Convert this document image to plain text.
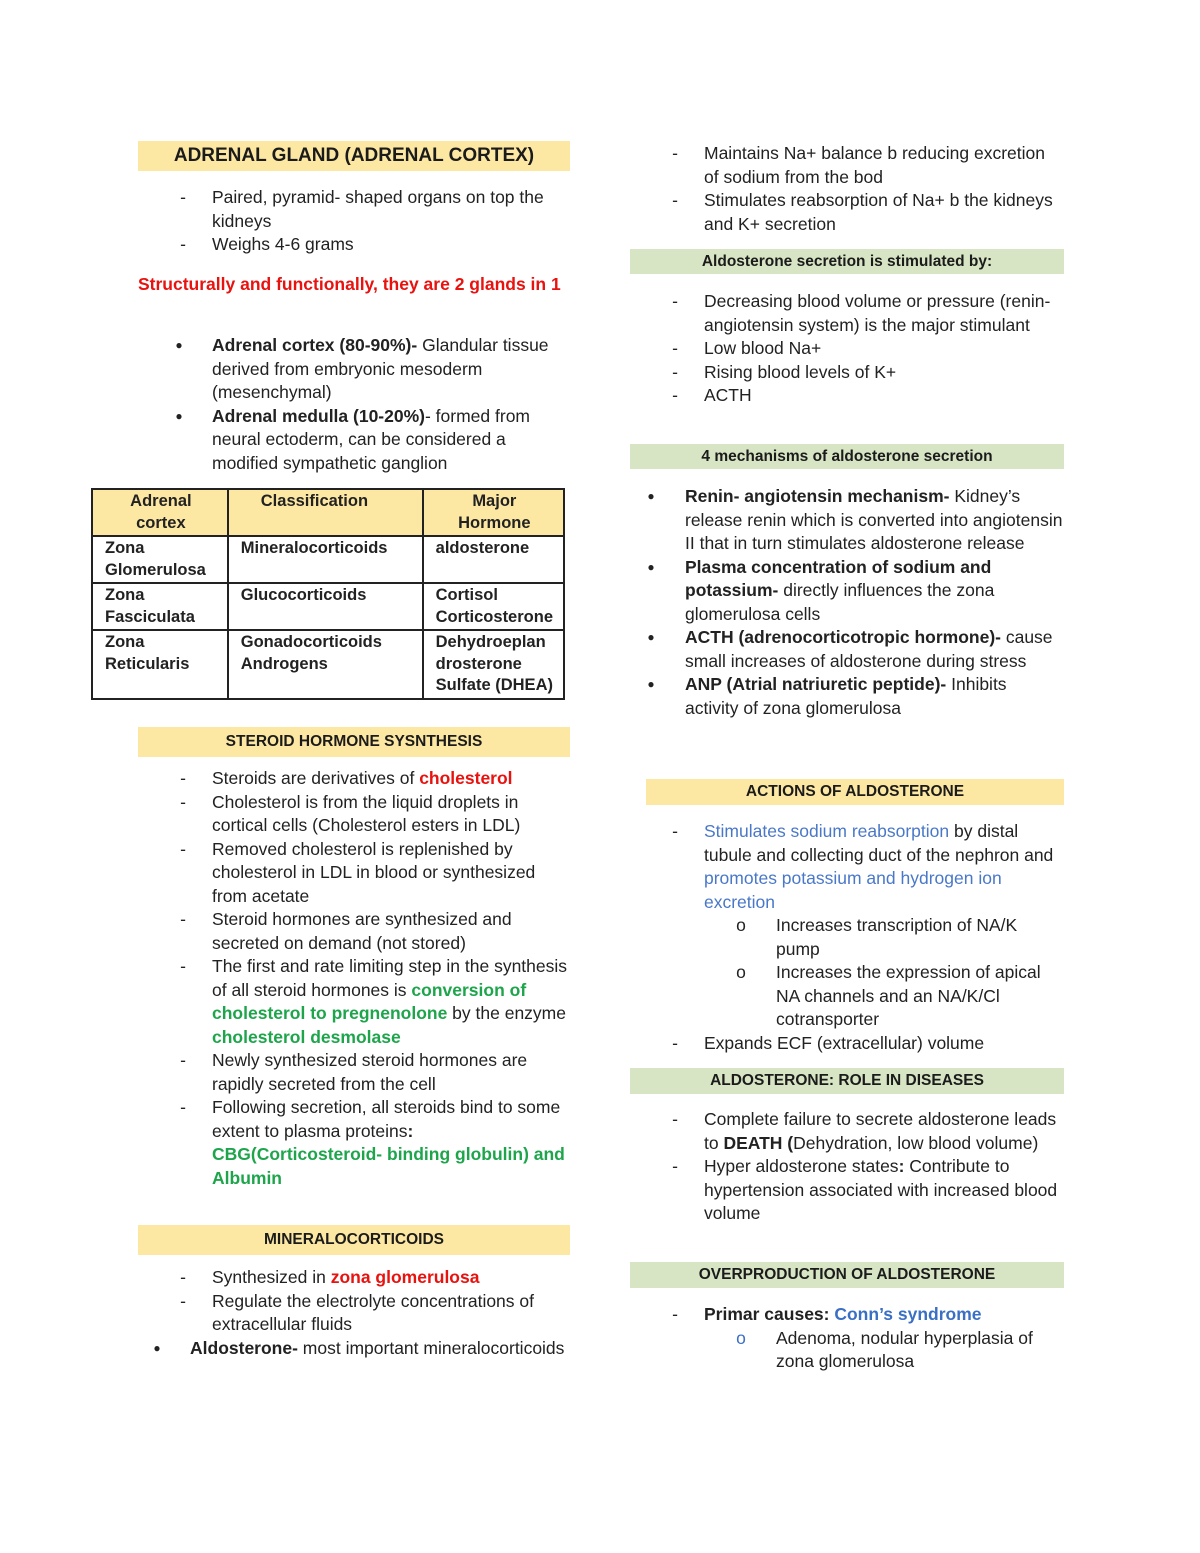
ADRENAL GLAND (ADRENAL CORTEX)
- Paired, pyramid- shaped organs on top the kidneys
- Weighs 4-6 grams
Structurally and functionally, they are 2 glands in 1
● Adrenal cortex (80-90%)- Glandular tissue derived from embryonic mesoderm (mesenchymal)
● Adrenal medulla (10-20%)- formed from neural ectoderm, can be considered a modified sympathetic ganglion
Adrenal cortex	Classification	Major Hormone
Zona Glomerulosa	Mineralocorticoids	aldosterone
Zona Fasciculata	Glucocorticoids	Cortisol Corticosterone
Zona Reticularis	Gonadocorticoids Androgens	Dehydroeplan drosterone Sulfate (DHEA)
STEROID HORMONE SYSNTHESIS
- Steroids are derivatives of cholesterol
- Cholesterol is from the liquid droplets in cortical cells (Cholesterol esters in LDL)
- Removed cholesterol is replenished by cholesterol in LDL in blood or synthesized from acetate
- Steroid hormones are synthesized and secreted on demand (not stored)
- The first and rate limiting step in the synthesis of all steroid hormones is conversion of cholesterol to pregnenolone by the enzyme cholesterol desmolase
- Newly synthesized steroid hormones are rapidly secreted from the cell
- Following secretion, all steroids bind to some extent to plasma proteins: CBG(Corticosteroid- binding globulin) and Albumin
MINERALOCORTICOIDS
- Synthesized in zona glomerulosa
- Regulate the electrolyte concentrations of extracellular fluids
● Aldosterone- most important mineralocorticoids
- Maintains Na+ balance b reducing excretion of sodium from the bod
- Stimulates reabsorption of Na+ b the kidneys and K+ secretion
Aldosterone secretion is stimulated by:
- Decreasing blood volume or pressure (renin-angiotensin system) is the major stimulant
- Low blood Na+
- Rising blood levels of K+
- ACTH
4 mechanisms of aldosterone secretion
● Renin- angiotensin mechanism- Kidney’s release renin which is converted into angiotensin II that in turn stimulates aldosterone release
● Plasma concentration of sodium and potassium- directly influences the zona glomerulosa cells
● ACTH (adrenocorticotropic hormone)- cause small increases of aldosterone during stress
● ANP (Atrial natriuretic peptide)- Inhibits activity of zona glomerulosa
ACTIONS OF ALDOSTERONE
- Stimulates sodium reabsorption by distal tubule and collecting duct of the nephron and promotes potassium and hydrogen ion excretion
o Increases transcription of NA/K pump
o Increases the expression of apical NA channels and an NA/K/Cl cotransporter
- Expands ECF (extracellular) volume
ALDOSTERONE: ROLE IN DISEASES
- Complete failure to secrete aldosterone leads to DEATH (Dehydration, low blood volume)
- Hyper aldosterone states: Contribute to hypertension associated with increased blood volume
OVERPRODUCTION OF ALDOSTERONE
- Primar causes: Conn’s syndrome
o Adenoma, nodular hyperplasia of zona glomerulosa
